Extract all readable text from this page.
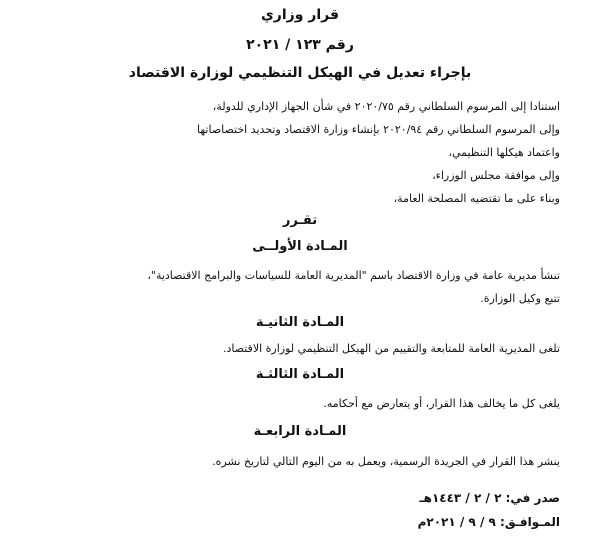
قرار وزاري
رقم ١٢٣ / ٢٠٢١
بإجراء تعديل في الهيكل التنظيمي لوزارة الاقتصاد
استنادا إلى المرسوم السلطاني رقم ٢٠٢٠/٧٥ في شأن الجهاز الإداري للدولة،
وإلى المرسوم السلطاني رقم ٢٠٢٠/٩٤ بإنشاء وزارة الاقتصاد وتحديد اختصاصاتها
واعتماد هيكلها التنظيمي،
وإلى موافقة مجلس الوزراء،
وبناء على ما تقتضيه المصلحة العامة،
تقـرر
المـادة الأولــى
تنشأ مديرية عامة في وزارة الاقتصاد باسم "المديرية العامة للسياسات والبرامج الاقتصادية"،
تتبع وكيل الوزارة.
المـادة الثانيـة
تلغى المديرية العامة للمتابعة والتقييم من الهيكل التنظيمي لوزارة الاقتصاد.
المـادة الثالثـة
يلغى كل ما يخالف هذا القرار، أو يتعارض مع أحكامه.
المـادة الرابعـة
ينشر هذا القرار في الجريدة الرسمية، ويعمل به من اليوم التالي لتاريخ نشره.
صدر في: ٢ / ٢ / ١٤٤٣هـ
المـوافـق: ٩ / ٩ / ٢٠٢١م
